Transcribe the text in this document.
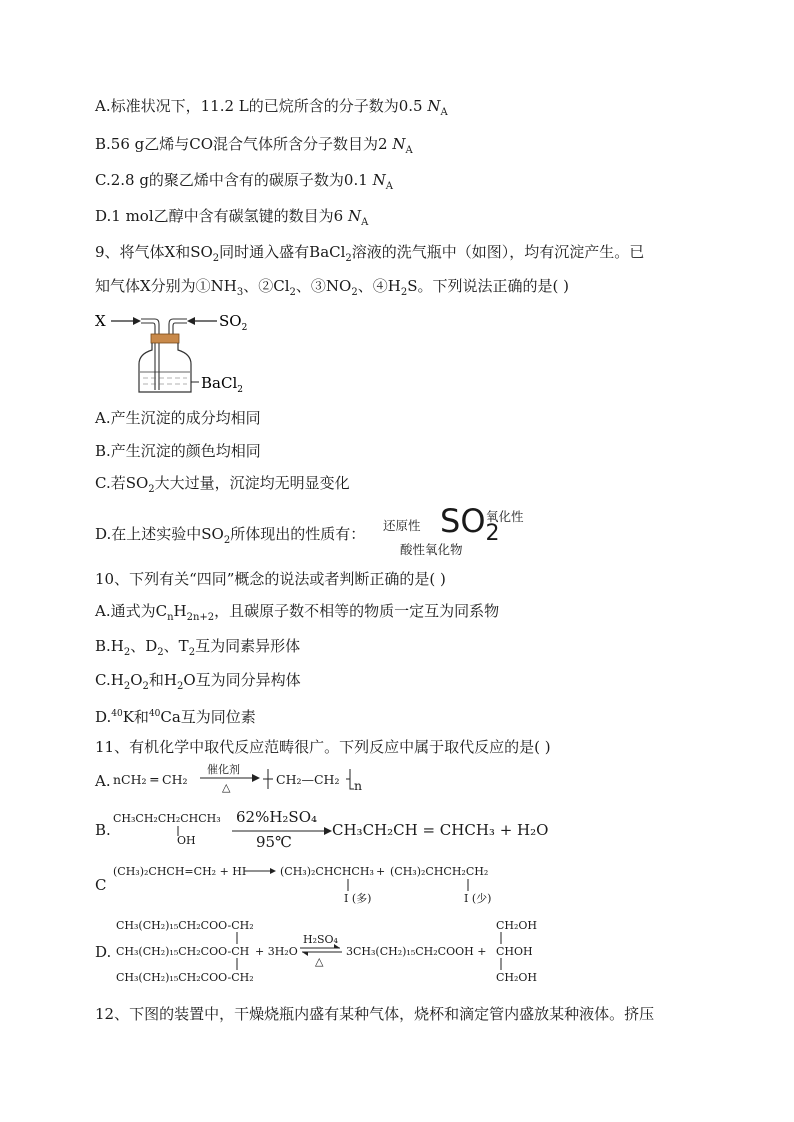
A.标准状况下，11.2 L的已烷所含的分子数为0.5 $N_A$
B.56 g乙烯与CO混合气体所含分子数目为2 $N_A$
C.2.8 g的聚乙烯中含有的碳原子数为0.1 $N_A$
D.1 mol乙醇中含有碳氢键的数目为6 $N_A$
9、将气体X和$SO_2$同时通入盛有BaCl$_2$溶液的洗气瓶中（如图），均有沉淀产生。已
知气体X分别为$①NH_3$、$②Cl_2$、$③NO_2$、$④H_2S$。下列说法正确的是( )
X	$SO_2$
BaCl$_2$
A.产生沉淀的成分均相同
B.产生沉淀的颜色均相同
C.若$SO_2$大大过量，沉淀均无明显变化
D.在上述实验中$SO_2$所体现出的性质有： 还原性
酸性氧化物
$SO_2$
氧化性
10、下列有关“四同”概念的说法或者判断正确的是( )
A.通式为$C_nH_{2n+2}$，且碳原子数不相等的物质一定互为同系物
$B.H_2$、$D_2$、$T_2$互为同素异形体
$C.H_2O_2$和$H_2O$互为同分异构体
D.$^{40}$K和$^{40}$Ca互为同位素
11、有机化学中取代反应范畴很广。下列反应中属于取代反应的是( )
A. nCH₂ ═ CH₂
催化剂
△
CH₂—CH₂ n
B.
CH₃CH₂CH₂CHCH₃
OH
62%H₂SO₄
95℃
CH₃CH₂CH = CHCH₃ + H₂O
C
(CH₃)₂CHCH=CH₂ + HI	(CH₃)₂CHCHCH₃
I (多)
+ (CH₃)₂CHCH₂CH₂
I (少)
D.
CH₃(CH₂)₁₅CH₂COO-CH₂
CH₃(CH₂)₁₅CH₂COO-CH
CH₃(CH₂)₁₅CH₂COO-CH₂
+ 3H₂O
H₂SO₄
△
3CH₃(CH₂)₁₅CH₂COOH +
CH₂OH
CHOH
CH₂OH
12、下图的装置中，干燥烧瓶内盛有某种气体，烧杯和滴定管内盛放某种液体。挤压
